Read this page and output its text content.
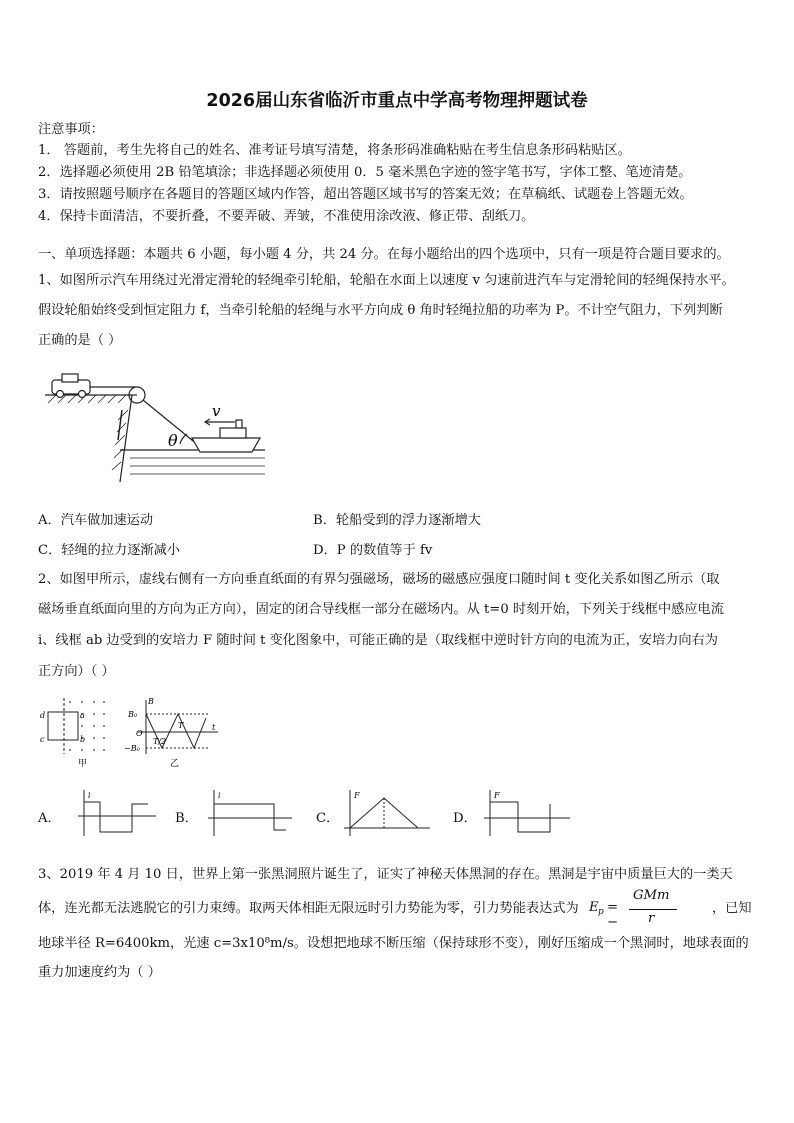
2026届山东省临沂市重点中学高考物理押题试卷
注意事项：
1． 答题前，考生先将自己的姓名、准考证号填写清楚，将条形码准确粘贴在考生信息条形码粘贴区。
2．选择题必须使用 2B 铅笔填涂；非选择题必须使用 0．5 毫米黑色字迹的签字笔书写，字体工整、笔迹清楚。
3．请按照题号顺序在各题目的答题区域内作答，超出答题区域书写的答案无效；在草稿纸、试题卷上答题无效。
4．保持卡面清洁，不要折叠，不要弄破、弄皱，不准使用涂改液、修正带、刮纸刀。
一、单项选择题：本题共 6 小题，每小题 4 分，共 24 分。在每小题给出的四个选项中，只有一项是符合题目要求的。
1、如图所示汽车用绕过光滑定滑轮的轻绳牵引轮船，轮船在水面上以速度 v 匀速前进汽车与定滑轮间的轻绳保持水平。
假设轮船始终受到恒定阻力 f，当牵引轮船的轻绳与水平方向成 θ 角时轻绳拉船的功率为 P。不计空气阻力，下列判断
正确的是（ ）
v
θ
A．汽车做加速运动	B．轮船受到的浮力逐渐增大
C．轻绳的拉力逐渐减小	D．P 的数值等于 fv
2、如图甲所示，虚线右侧有一方向垂直纸面的有界匀强磁场，磁场的磁感应强度口随时间 t 变化关系如图乙所示（取
磁场垂直纸面向里的方向为正方向），固定的闭合导线框一部分在磁场内。从 t=0 时刻开始，下列关于线框中感应电流
i、线框 ab 边受到的安培力 F 随时间 t 变化图象中，可能正确的是（取线框中逆时针方向的电流为正，安培力向右为
正方向）（ ）
d
c
a
b
B
B₀
O
−B₀
T/2
T	t
甲	乙
A．
i
B．
i
C．
F
D．
F
3、2019 年 4 月 10 日，世界上第一张黑洞照片诞生了，证实了神秘天体黑洞的存在。黑洞是宇宙中质量巨大的一类天
体，连光都无法逃脱它的引力束缚。取两天体相距无限远时引力势能为零，引力势能表达式为 E p = −
GMm
r
，已知
地球半径 R=6400km，光速 c=3x10⁸m/s。设想把地球不断压缩（保持球形不变），刚好压缩成一个黑洞时，地球表面的
重力加速度约为（ ）
